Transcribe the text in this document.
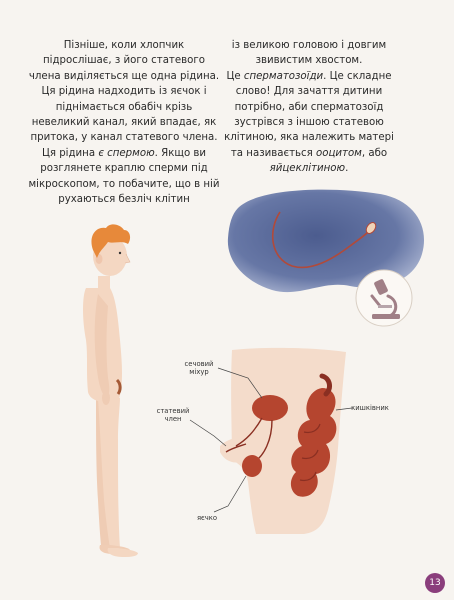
Пізніше, коли хлопчик підрослішає, з його статевого члена виділяється ще одна рідина. Ця рідина надходить із яєчок і піднімається обабіч крізь невеликий канал, який впадає, як притока, у канал статевого члена. Ця рідина є спермою. Якщо ви розглянете краплю сперми під мікроскопом, то побачите, що в ній рухаються безліч клітин

із великою головою і довгим звивистим хвостом.

Це сперматозоїди. Це складне слово! Для зачаття дитини потрібно, аби сперматозоїд зустрівся з іншою статевою клітиною, яка належить матері та називається ооцитом, або яйцеклітиною.

сечовий міхур
статевий член
кишківник
яєчко
13
